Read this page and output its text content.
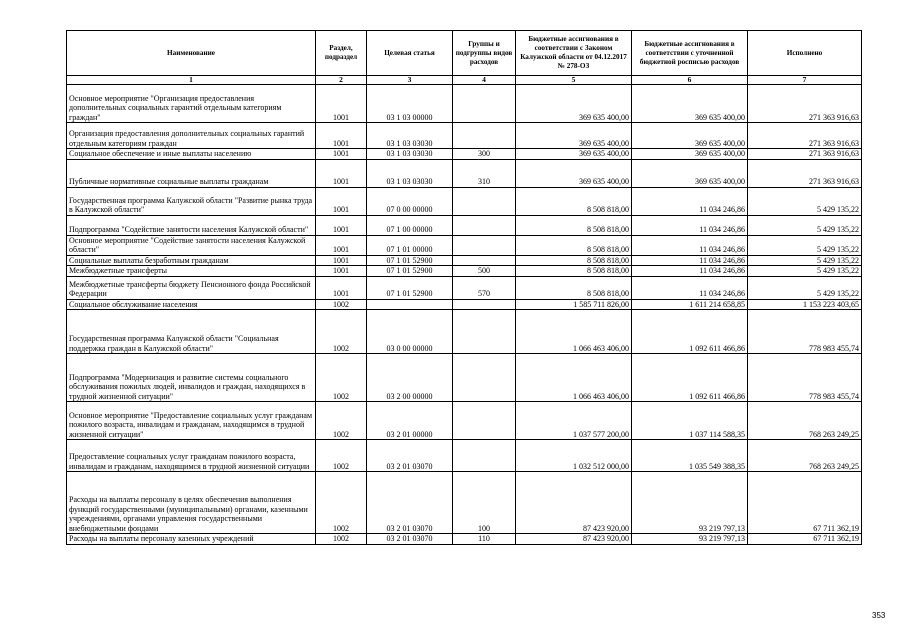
Наименование	Раздел, подраздел	Целевая статья	Группы и подгруппы видов расходов	Бюджетные ассигнования в соответствии с Законом Калужской области от 04.12.2017 № 278-ОЗ	Бюджетные ассигнования в соответствии с уточненной бюджетной росписью расходов	Исполнено
1	2	3	4	5	6	7
Основное мероприятие "Организация предоставления дополнительных социальных гарантий отдельным категориям граждан"	1001	03 1 03 00000		369 635 400,00	369 635 400,00	271 363 916,63
Организация предоставления дополнительных социальных гарантий отдельным категориям граждан	1001	03 1 03 03030		369 635 400,00	369 635 400,00	271 363 916,63
Социальное обеспечение и иные выплаты населению	1001	03 1 03 03030	300	369 635 400,00	369 635 400,00	271 363 916,63
Публичные нормативные социальные выплаты гражданам	1001	03 1 03 03030	310	369 635 400,00	369 635 400,00	271 363 916,63
Государственная программа Калужской области "Развитие рынка труда в Калужской области"	1001	07 0 00 00000		8 508 818,00	11 034 246,86	5 429 135,22
Подпрограмма "Содействие занятости населения Калужской области"	1001	07 1 00 00000		8 508 818,00	11 034 246,86	5 429 135,22
Основное мероприятие "Содействие занятости населения Калужской области"	1001	07 1 01 00000		8 508 818,00	11 034 246,86	5 429 135,22
Социальные выплаты безработным гражданам	1001	07 1 01 52900		8 508 818,00	11 034 246,86	5 429 135,22
Межбюджетные трансферты	1001	07 1 01 52900	500	8 508 818,00	11 034 246,86	5 429 135,22
Межбюджетные трансферты бюджету Пенсионного фонда Российской Федерации	1001	07 1 01 52900	570	8 508 818,00	11 034 246,86	5 429 135,22
Социальное обслуживание населения	1002			1 585 711 826,00	1 611 214 658,85	1 153 223 403,65
Государственная программа Калужской области "Социальная поддержка граждан в Калужской области"	1002	03 0 00 00000		1 066 463 406,00	1 092 611 466,86	778 983 455,74
Подпрограмма "Модернизация и развитие системы социального обслуживания пожилых людей, инвалидов и граждан, находящихся в трудной жизненной ситуации"	1002	03 2 00 00000		1 066 463 406,00	1 092 611 466,86	778 983 455,74
Основное мероприятие "Предоставление социальных услуг гражданам пожилого возраста, инвалидам и гражданам, находящимся в трудной жизненной ситуации"	1002	03 2 01 00000		1 037 577 200,00	1 037 114 588,35	768 263 249,25
Предоставление социальных услуг гражданам пожилого возраста, инвалидам и гражданам, находящимся в трудной жизненной ситуации	1002	03 2 01 03070		1 032 512 000,00	1 035 549 388,35	768 263 249,25
Расходы на выплаты персоналу в целях обеспечения выполнения функций государственными (муниципальными) органами, казенными учреждениями, органами управления государственными внебюджетными фондами	1002	03 2 01 03070	100	87 423 920,00	93 219 797,13	67 711 362,19
Расходы на выплаты персоналу казенных учреждений	1002	03 2 01 03070	110	87 423 920,00	93 219 797,13	67 711 362,19
353
